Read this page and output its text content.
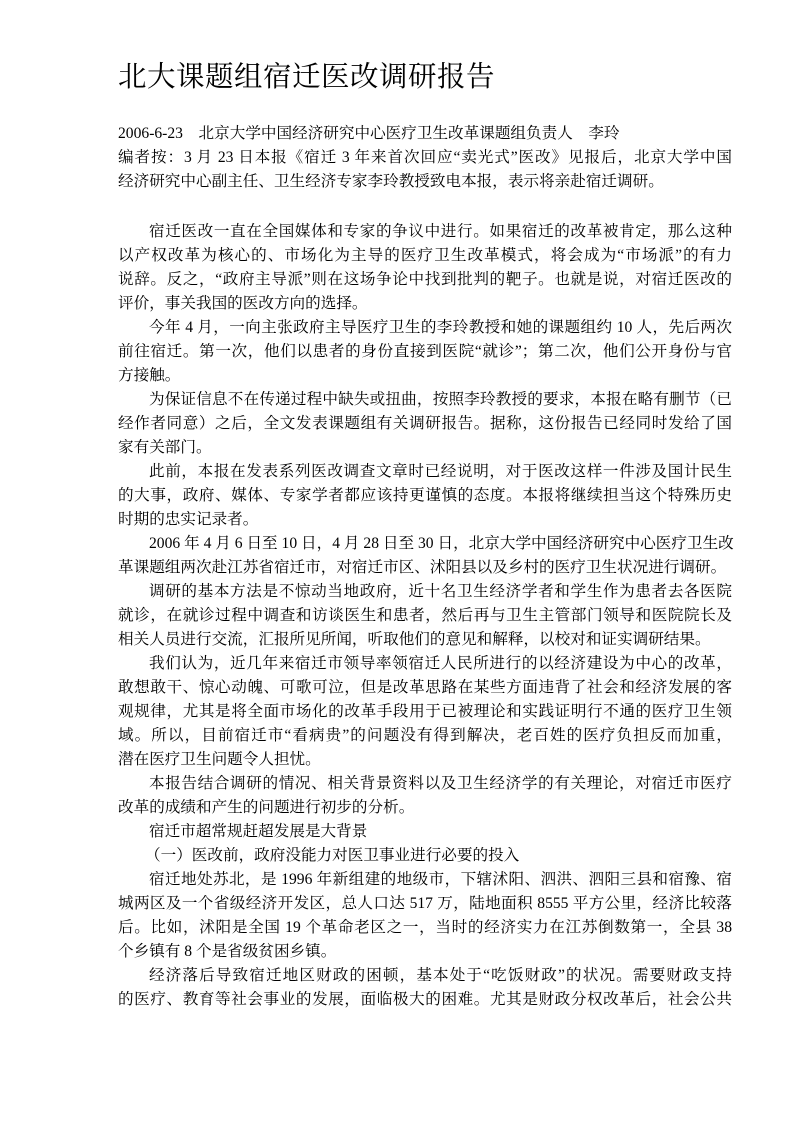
北大课题组宿迁医改调研报告
2006-6-23　北京大学中国经济研究中心医疗卫生改革课题组负责人　李玲
编者按：3 月 23 日本报《宿迁 3 年来首次回应“卖光式”医改》见报后，北京大学中国
经济研究中心副主任、卫生经济专家李玲教授致电本报，表示将亲赴宿迁调研。
宿迁医改一直在全国媒体和专家的争议中进行。如果宿迁的改革被肯定，那么这种
以产权改革为核心的、市场化为主导的医疗卫生改革模式，将会成为“市场派”的有力
说辞。反之，“政府主导派”则在这场争论中找到批判的靶子。也就是说，对宿迁医改的
评价，事关我国的医改方向的选择。
今年 4 月，一向主张政府主导医疗卫生的李玲教授和她的课题组约 10 人，先后两次
前往宿迁。第一次，他们以患者的身份直接到医院“就诊”；第二次，他们公开身份与官
方接触。
为保证信息不在传递过程中缺失或扭曲，按照李玲教授的要求，本报在略有删节（已
经作者同意）之后，全文发表课题组有关调研报告。据称，这份报告已经同时发给了国
家有关部门。
此前，本报在发表系列医改调查文章时已经说明，对于医改这样一件涉及国计民生
的大事，政府、媒体、专家学者都应该持更谨慎的态度。本报将继续担当这个特殊历史
时期的忠实记录者。
2006 年 4 月 6 日至 10 日，4 月 28 日至 30 日，北京大学中国经济研究中心医疗卫生改
革课题组两次赴江苏省宿迁市，对宿迁市区、沭阳县以及乡村的医疗卫生状况进行调研。
调研的基本方法是不惊动当地政府，近十名卫生经济学者和学生作为患者去各医院
就诊，在就诊过程中调查和访谈医生和患者，然后再与卫生主管部门领导和医院院长及
相关人员进行交流，汇报所见所闻，听取他们的意见和解释，以校对和证实调研结果。
我们认为，近几年来宿迁市领导率领宿迁人民所进行的以经济建设为中心的改革，
敢想敢干、惊心动魄、可歌可泣，但是改革思路在某些方面违背了社会和经济发展的客
观规律，尤其是将全面市场化的改革手段用于已被理论和实践证明行不通的医疗卫生领
域。所以，目前宿迁市“看病贵”的问题没有得到解决，老百姓的医疗负担反而加重，
潜在医疗卫生问题令人担忧。
本报告结合调研的情况、相关背景资料以及卫生经济学的有关理论，对宿迁市医疗
改革的成绩和产生的问题进行初步的分析。
宿迁市超常规赶超发展是大背景
（一）医改前，政府没能力对医卫事业进行必要的投入
宿迁地处苏北，是 1996 年新组建的地级市，下辖沭阳、泗洪、泗阳三县和宿豫、宿
城两区及一个省级经济开发区，总人口达 517 万，陆地面积 8555 平方公里，经济比较落
后。比如，沭阳是全国 19 个革命老区之一，当时的经济实力在江苏倒数第一，全县 38
个乡镇有 8 个是省级贫困乡镇。
经济落后导致宿迁地区财政的困顿，基本处于“吃饭财政”的状况。需要财政支持
的医疗、教育等社会事业的发展，面临极大的困难。尤其是财政分权改革后，社会公共
